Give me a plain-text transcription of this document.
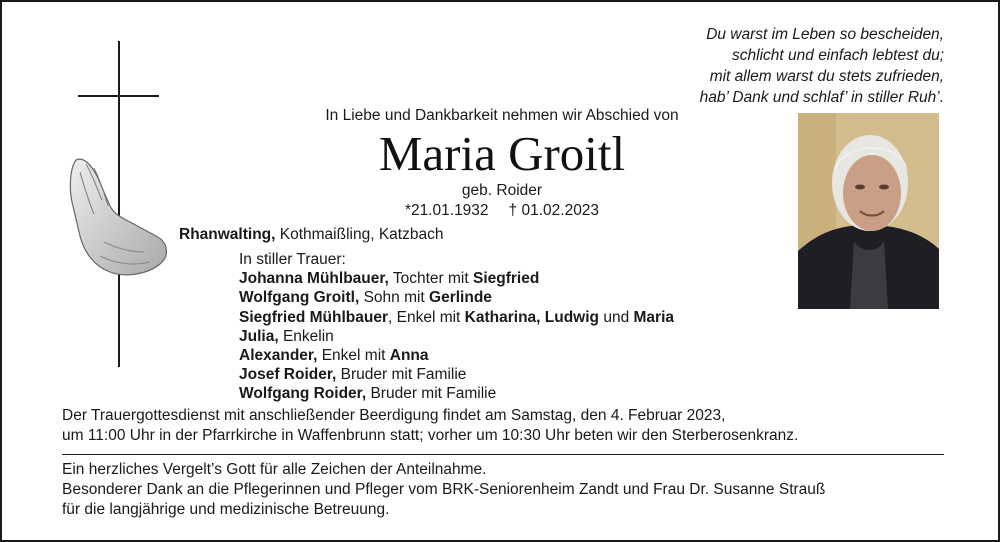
Du warst im Leben so bescheiden,
schlicht und einfach lebtest du;
mit allem warst du stets zufrieden,
hab’ Dank und schlaf’ in stiller Ruh’.
In Liebe und Dankbarkeit nehmen wir Abschied von
Maria Groitl
geb. Roider
*21.01.1932 † 01.02.2023
Rhanwalting, Kothmaißling, Katzbach
In stiller Trauer:
Johanna Mühlbauer, Tochter mit Siegfried
Wolfgang Groitl, Sohn mit Gerlinde
Siegfried Mühlbauer, Enkel mit Katharina, Ludwig und Maria
Julia, Enkelin
Alexander, Enkel mit Anna
Josef Roider, Bruder mit Familie
Wolfgang Roider, Bruder mit Familie
Der Trauergottesdienst mit anschließender Beerdigung findet am Samstag, den 4. Februar 2023,
um 11:00 Uhr in der Pfarrkirche in Waffenbrunn statt; vorher um 10:30 Uhr beten wir den Sterberosenkranz.
Ein herzliches Vergelt’s Gott für alle Zeichen der Anteilnahme.
Besonderer Dank an die Pflegerinnen und Pfleger vom BRK-Seniorenheim Zandt und Frau Dr. Susanne Strauß
für die langjährige und medizinische Betreuung.
